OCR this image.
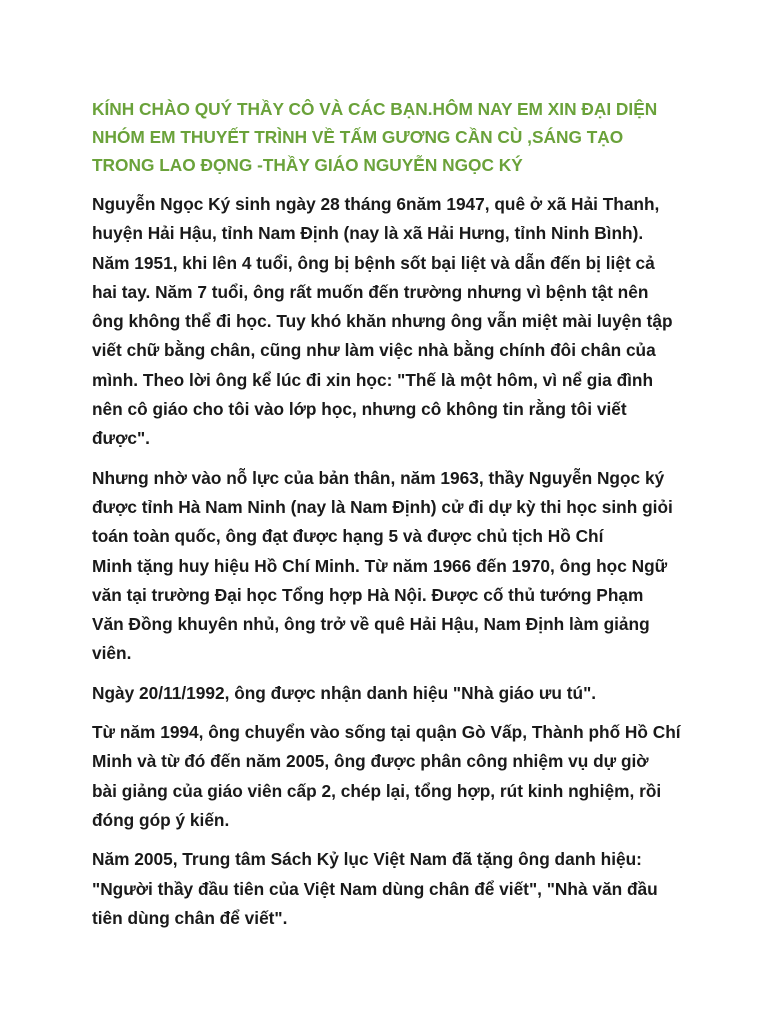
KÍNH CHÀO QUÝ THẦY CÔ VÀ CÁC BẠN.HÔM NAY EM XIN ĐẠI DIỆN
NHÓM EM THUYẾT TRÌNH VỀ TẤM GƯƠNG CẦN CÙ ,SÁNG TẠO
TRONG LAO ĐỌNG -THẦY GIÁO NGUYỄN NGỌC KÝ
Nguyễn Ngọc Ký sinh ngày 28 tháng 6năm 1947, quê ở xã Hải Thanh,
huyện Hải Hậu, tỉnh Nam Định (nay là xã Hải Hưng, tỉnh Ninh Bình).
Năm 1951, khi lên 4 tuổi, ông bị bệnh sốt bại liệt và dẫn đến bị liệt cả
hai tay. Năm 7 tuổi, ông rất muốn đến trường nhưng vì bệnh tật nên
ông không thể đi học. Tuy khó khăn nhưng ông vẫn miệt mài luyện tập
viết chữ bằng chân, cũng như làm việc nhà bằng chính đôi chân của
mình. Theo lời ông kể lúc đi xin học: "Thế là một hôm, vì nể gia đình
nên cô giáo cho tôi vào lớp học, nhưng cô không tin rằng tôi viết
được".
Nhưng nhờ vào nỗ lực của bản thân, năm 1963, thầy Nguyễn Ngọc ký
được tỉnh Hà Nam Ninh (nay là Nam Định) cử đi dự kỳ thi học sinh giỏi
toán toàn quốc, ông đạt được hạng 5 và được chủ tịch Hồ Chí
Minh tặng huy hiệu Hồ Chí Minh. Từ năm 1966 đến 1970, ông học Ngữ
văn tại trường Đại học Tổng hợp Hà Nội. Được cố thủ tướng Phạm
Văn Đồng khuyên nhủ, ông trở về quê Hải Hậu, Nam Định làm giảng
viên.
Ngày 20/11/1992, ông được nhận danh hiệu "Nhà giáo ưu tú".
Từ năm 1994, ông chuyển vào sống tại quận Gò Vấp, Thành phố Hồ Chí
Minh và từ đó đến năm 2005, ông được phân công nhiệm vụ dự giờ
bài giảng của giáo viên cấp 2, chép lại, tổng hợp, rút kinh nghiệm, rồi
đóng góp ý kiến.
Năm 2005, Trung tâm Sách Kỷ lục Việt Nam đã tặng ông danh hiệu:
"Người thầy đầu tiên của Việt Nam dùng chân để viết", "Nhà văn đầu
tiên dùng chân để viết".
